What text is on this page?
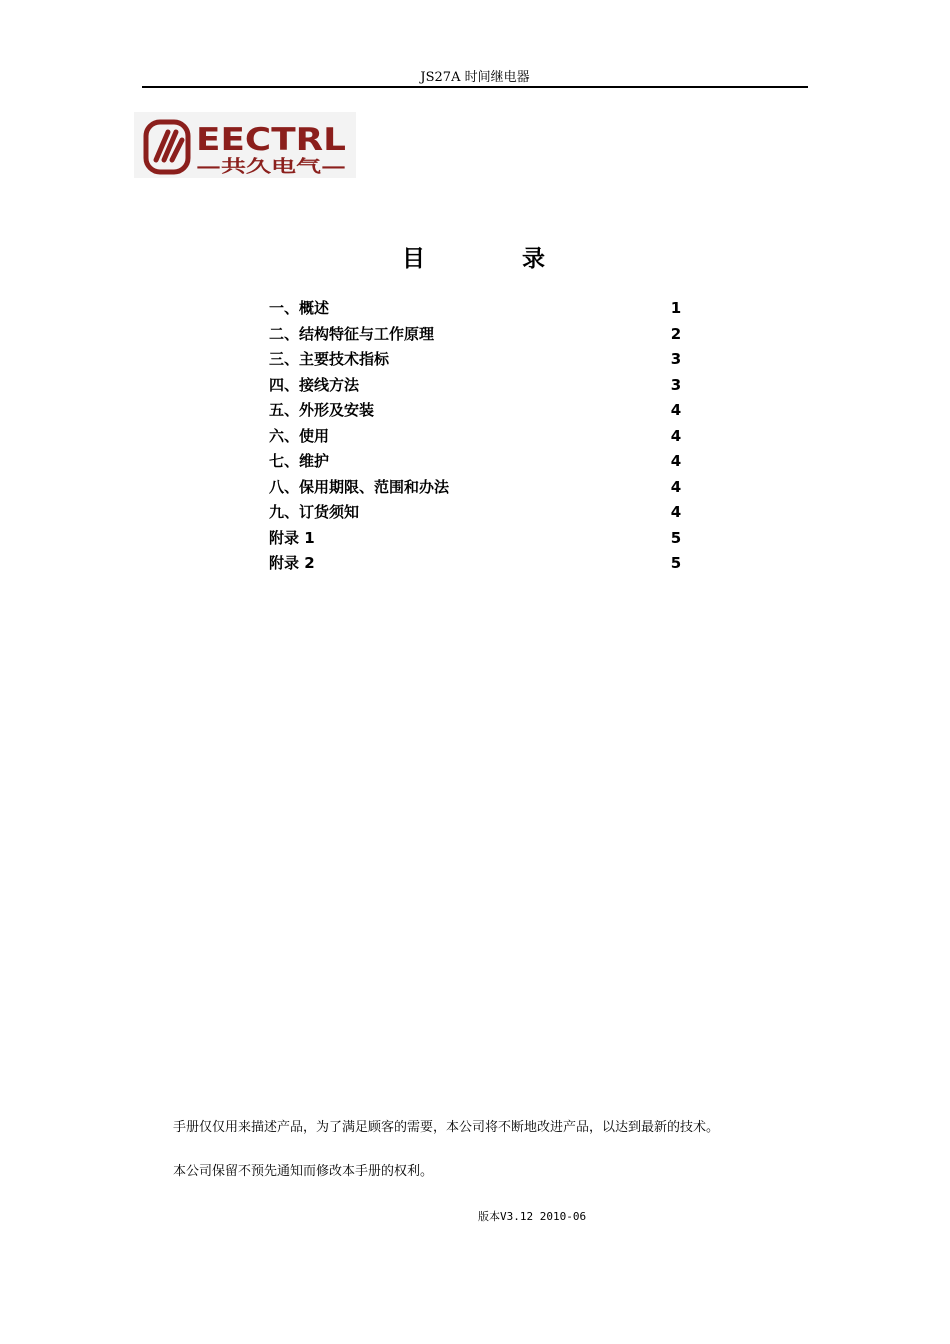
JS27A 时间继电器
EECTRL
—共久电气—
目	录
一、概述	1
二、结构特征与工作原理	2
三、主要技术指标	3
四、接线方法	3
五、外形及安装	4
六、使用	4
七、维护	4
八、保用期限、范围和办法	4
九、订货须知	4
附录 1	5
附录 2	5
手册仅仅用来描述产品，为了满足顾客的需要，本公司将不断地改进产品，以达到最新的技术。
本公司保留不预先通知而修改本手册的权利。
版本V3.12 2010-06
